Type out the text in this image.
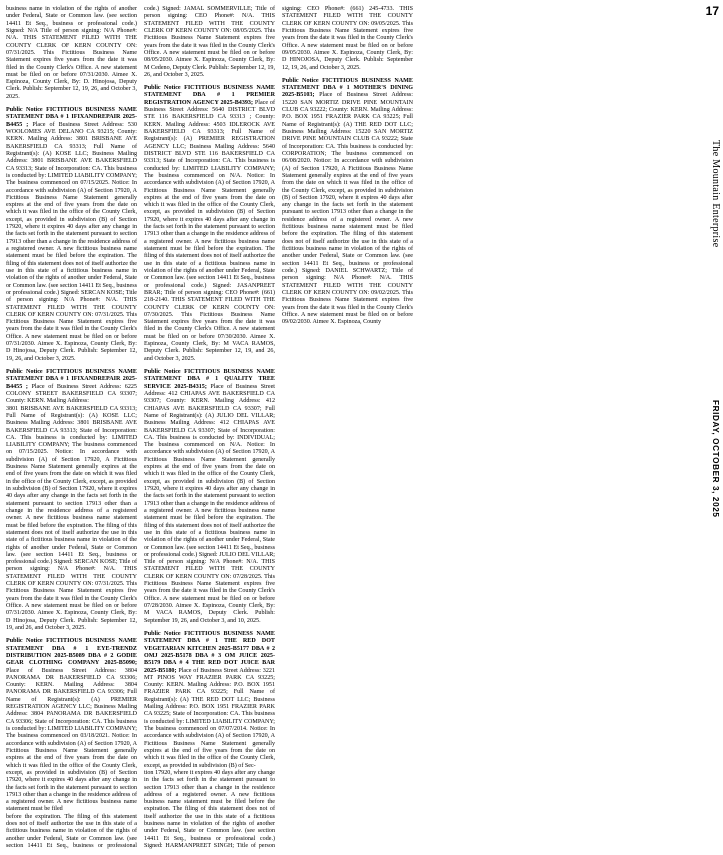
business name in violation of the rights of another under Federal, State or Common law. (see section 14411 Et Seq., business or professional code.) Signed: N/A Title of person signing: N/A Phone#: N/A. THIS STATEMENT FILED WITH THE COUNTY CLERK OF KERN COUNTY ON: 07/31/2025. This Fictitious Business Name Statement expires five years from the date it was filed in the County Clerk's Office. A new statement must be filed on or before 07/31/2030. Aimee X. Espinoza, County Clerk, By: D. Hinojosa, Deputy Clerk. Publish: September 12, 19, 26, and October 3, 2025.

Public Notice FICTITIOUS BUSINESS NAME STATEMENT DBA # 1 IFIXANDREPAIR 2025-B4455 ; Place of Business Street Address: 530 WOOLOMES AVE DELANO CA 93215; County: KERN. Mailing Address: 3801 BRISBANE AVE BAKERSFIELD CA 93313; Full Name of Registrant(s): (A) KOSE LLC; Business Mailing Address: 3801 BRISBANE AVE BAKERSFIELD CA 93313; State of Incorporation: CA. This business is conducted by: LIMITED LIABILITY COMPANY; The business commenced on 07/15/2025. Notice: In accordance with subdivision (A) of Section 17920, A Fictitious Business Name Statement generally expires at the end of five years from the date on which it was filed in the office of the County Clerk, except, as provided in subdivision (B) of Section 17920, where it expires 40 days after any change in the facts set forth in the statement pursuant to section 17913 other than a change in the residence address of a registered owner. A new fictitious business name statement must be filed before the expiration. The filing of this statement does not of itself authorize the use in this state of a fictitious business name in violation of the rights of another under Federal, State or Common law. (see section 14411 Et Seq., business or professional code.) Signed: SERCAN KOSE; Title of person signing: N/A Phone#: N/A. THIS STATEMENT FILED WITH THE COUNTY CLERK OF KERN COUNTY ON: 07/31/2025. This Fictitious Business Name Statement expires five years from the date it was filed in the County Clerk's Office. A new statement must be filed on or before 07/31/2030. Aimee X. Espinoza, County Clerk, By: D Hinojosa, Deputy Clerk. Publish: September 12, 19, 26, and October 3, 2025.

Public Notice FICTITIOUS BUSINESS NAME STATEMENT DBA # 1 IFIXANDREPAIR 2025-B4455 ; Place of Business Street Address: 6225 COLONY STREET BAKERSFIELD CA 93307; County: KERN. Mailing Address:

3801 BRISBANE AVE BAKERSFIELD CA 93313; Full Name of Registrant(s): (A) KOSE LLC; Business Mailing Address: 3801 BRISBANE AVE BAKERSFIELD CA 93313; State of Incorporation: CA. This business is conducted by: LIMITED LIABILITY COMPANY; The business commenced on 07/15/2025. Notice: In accordance with subdivision (A) of Section 17920, A Fictitious Business Name Statement generally expires at the end of five years from the date on which it was filed in the office of the County Clerk, except, as provided in subdivision (B) of Section 17920, where it expires 40 days after any change in the facts set forth in the statement pursuant to section 17913 other than a change in the residence address of a registered owner. A new fictitious business name statement must be filed before the expiration. The filing of this statement does not of itself authorize the use in this state of a fictitious business name in violation of the rights of another under Federal, State or Common law. (see section 14411 Et Seq., business or professional code.) Signed: SERCAN KOSE; Title of person signing: N/A Phone#: N/A. THIS STATEMENT FILED WITH THE COUNTY CLERK OF KERN COUNTY ON: 07/31/2025. This Fictitious Business Name Statement expires five years from the date it was filed in the County Clerk's Office. A new statement must be filed on or before 07/31/2030. Aimee X. Espinoza, County Clerk, By: D Hinojosa, Deputy Clerk. Publish: September 12, 19, and 26, and October 3, 2025.

Public Notice FICTITIOUS BUSINESS NAME STATEMENT DBA # 1 EYE-TRENDZ DISTRIBUTION 2025-B5089 DBA # 2 GODIE GEAR CLOTHING COMPANY 2025-B5090; Place of Business Street Address: 3804 PANORAMA DR BAKERSFIELD CA 93306; County: KERN. Mailing Address: 3804 PANORAMA DR BAKERSFIELD CA 93306; Full Name of Registrant(s): (A) PREMIER REGISTRATION AGENCY LLC; Business Mailing Address: 3804 PANORAMA DR BAKERSFIELD CA 93306; State of Incorporation: CA. This business is conducted by: LIMITED LIABILITY COMPANY; The business commenced on 03/18/2021. Notice: In accordance with subdivision (A) of Section 17920, A Fictitious Business Name Statement generally expires at the end of five years from the date on which it was filed in the office of the County Clerk, except, as provided in subdivision (B) of Section 17920, where it expires 40 days after any change in the facts set forth in the statement pursuant to section 17913 other than a change in the residence address of a registered owner. A new fictitious business name statement must be filed

before the expiration. The filing of this statement does not of itself authorize the use in this state of a fictitious business name in violation of the rights of another under Federal, State or Common law. (see section 14411 Et Seq., business or professional code.) Signed: JAMAL SOMMERVILLE; Title of person signing: CEO Phone#: N/A. THIS STATEMENT FILED WITH THE COUNTY CLERK OF KERN COUNTY ON: 08/05/2025. This Fictitious Business Name Statement expires five years from the date it was filed in the County Clerk's Office. A new statement must be filed on or before 08/05/2030. Aimee X. Espinoza, County Clerk, By: M Cedeno, Deputy Clerk. Publish: September 12, 19, 26, and October 3, 2025.

Public Notice FICTITIOUS BUSINESS NAME STATEMENT DBA # 1 PREMIER REGISTRATION AGENCY 2025-B4393; Place of Business Street Address: 5640 DISTRICT BLVD STE 116 BAKERSFIELD CA 93313 ; County: KERN. Mailing Address: 4503 IDLEROCK AVE BAKERSFIELD CA 93313; Full Name of Registrant(s): (A) PREMIER REGISTRATION AGENCY LLC; Business Mailing Address: 5640 DISTRICT BLVD STE 116 BAKERSFIELD CA 93313; State of Incorporation: CA. This business is conducted by: LIMITED LIABILITY COMPANY; The business commenced on N/A. Notice: In accordance with subdivision (A) of Section 17920, A Fictitious Business Name Statement generally expires at the end of five years from the date on which it was filed in the office of the County Clerk, except, as provided in subdivision (B) of Section 17920, where it expires 40 days after any change in the facts set forth in the statement pursuant to section 17913 other than a change in the residence address of a registered owner. A new fictitious business name statement must be filed before the expiration. The filing of this statement does not of itself authorize the use in this state of a fictitious business name in violation of the rights of another under Federal, State or Common law. (see section 14411 Et Seq., business or professional code.) Signed: JASANPREET BRAR; Title of person signing: CEO Phone#: (661) 218-2140. THIS STATEMENT FILED WITH THE COUNTY CLERK OF KERN COUNTY ON: 07/30/2025. This Fictitious Business Name Statement expires five years from the date it was filed in the County Clerk's Office. A new statement must be filed on or before 07/30/2030. Aimee X. Espinoza, County Clerk, By: M VACA RAMOS, Deputy Clerk. Publish: September 12, 19, and 26, and October 3, 2025.

Public Notice FICTITIOUS BUSINESS NAME STATEMENT DBA # 1 QUALITY TREE SERVICE 2025-B4315; Place of Business Street Address: 412 CHIAPAS AVE BAKERSFIELD CA 93307; County: KERN. Mailing Address: 412 CHIAPAS AVE BAKERSFIELD CA 93307; Full Name of Registrant(s): (A) JULIO DEL VILLAR; Business Mailing Address: 412 CHIAPAS AVE BAKERSFIELD CA 93307; State of Incorporation: CA. This business is conducted by: INDIVIDUAL; The business commenced on N/A. Notice: In accordance with subdivision (A) of Section 17920, A Fictitious Business Name Statement generally expires at the end of five years from the date on which it was filed in the office of the County Clerk, except, as provided in subdivision (B) of Section 17920, where it expires 40 days after any change in the facts set forth in the statement pursuant to section 17913 other than a change in the residence address of a registered owner. A new fictitious business name statement must be filed before the expiration. The filing of this statement does not of itself authorize the use in this state of a fictitious business name in violation of the rights of another under Federal, State or Common law. (see section 14411 Et Seq., business or professional code.) Signed: JULIO DEL VILLAR; Title of person signing: N/A Phone#: N/A. THIS STATEMENT FILED WITH THE COUNTY CLERK OF KERN COUNTY ON: 07/28/2025. This Fictitious Business Name Statement expires five years from the date it was filed in the County Clerk's Office. A new statement must be filed on or before 07/28/2030. Aimee X. Espinoza, County Clerk, By: M VACA RAMOS, Deputy Clerk. Publish: September 19, 26, and October 3, and 10, 2025.

Public Notice FICTITIOUS BUSINESS NAME STATEMENT DBA # 1 THE RED DOT VEGETARIAN KITCHEN 2025-B5177 DBA # 2 OMJ 2025-B5178 DBA # 3 OM JUICE 2025-B5179 DBA # 4 THE RED DOT JUICE BAR 2025-B5180; Place of Business Street Address: 3221 MT PINOS WAY FRAZIER PARK CA 93225; County: KERN. Mailing Address: P.O. BOX 1951 FRAZIER PARK CA 93225; Full Name of Registrant(s): (A) THE RED DOT LLC; Business Mailing Address: P.O. BOX 1951 FRAZIER PARK CA 93225; State of Incorporation: CA. This business is conducted by: LIMITED LIABILITY COMPANY; The business commenced on 07/07/2014. Notice: In accordance with subdivision (A) of Section 17920, A Fictitious Business Name Statement generally expires at the end of five years from the date on which it was filed in the office of the County Clerk, except, as provided in subdivision (B) of Sec-

tion 17920, where it expires 40 days after any change in the facts set forth in the statement pursuant to section 17913 other than a change in the residence address of a registered owner. A new fictitious business name statement must be filed before the expiration. The filing of this statement does not of itself authorize the use in this state of a fictitious business name in violation of the rights of another under Federal, State or Common law. (see section 14411 Et Seq., business or professional code.) Signed: HARMANPREET SINGH; Title of person signing: CEO Phone#: (661) 245-4733. THIS STATEMENT FILED WITH THE COUNTY CLERK OF KERN COUNTY ON: 09/05/2025. This Fictitious Business Name Statement expires five years from the date it was filed in the County Clerk's Office. A new statement must be filed on or before 09/05/2030. Aimee X. Espinoza, County Clerk, By: D HINOJOSA, Deputy Clerk. Publish: September 12, 19, 26, and October 3, 2025.

Public Notice FICTITIOUS BUSINESS NAME STATEMENT DBA # 1 MOTHER'S DINING 2025-B5103; Place of Business Street Address: 15220 SAN MORTIZ DRIVE PINE MOUNTAIN CLUB CA 93222; County: KERN. Mailing Address: P.O. BOX 1951 FRAZIER PARK CA 93225; Full Name of Registrant(s): (A) THE RED DOT LLC; Business Mailing Address: 15220 SAN MORTIZ DRIVE PINE MOUNTAIN CLUB CA 93222; State of Incorporation: CA. This business is conducted by: CORPORATION; The business commenced on 06/08/2020. Notice: In accordance with subdivision (A) of Section 17920, A Fictitious Business Name Statement generally expires at the end of five years from the date on which it was filed in the office of the County Clerk, except, as provided in subdivision (B) of Section 17920, where it expires 40 days after any change in the facts set forth in the statement pursuant to section 17913 other than a change in the residence address of a registered owner. A new fictitious business name statement must be filed before the expiration. The filing of this statement does not of itself authorize the use in this state of a fictitious business name in violation of the rights of another under Federal, State or Common law. (see section 14411 Et Seq., business or professional code.) Signed: DANIEL SCHWARTZ; Title of person signing: N/A Phone#: N/A. THIS STATEMENT FILED WITH THE COUNTY CLERK OF KERN COUNTY ON: 09/02/2025. This Fictitious Business Name Statement expires five years from the date it was filed in the County Clerk's Office. A new statement must be filed on or before 09/02/2030. Aimee X. Espinoza, County

17
The Mountain Enterprise
FRIDAY, OCTOBER 3, 2025
